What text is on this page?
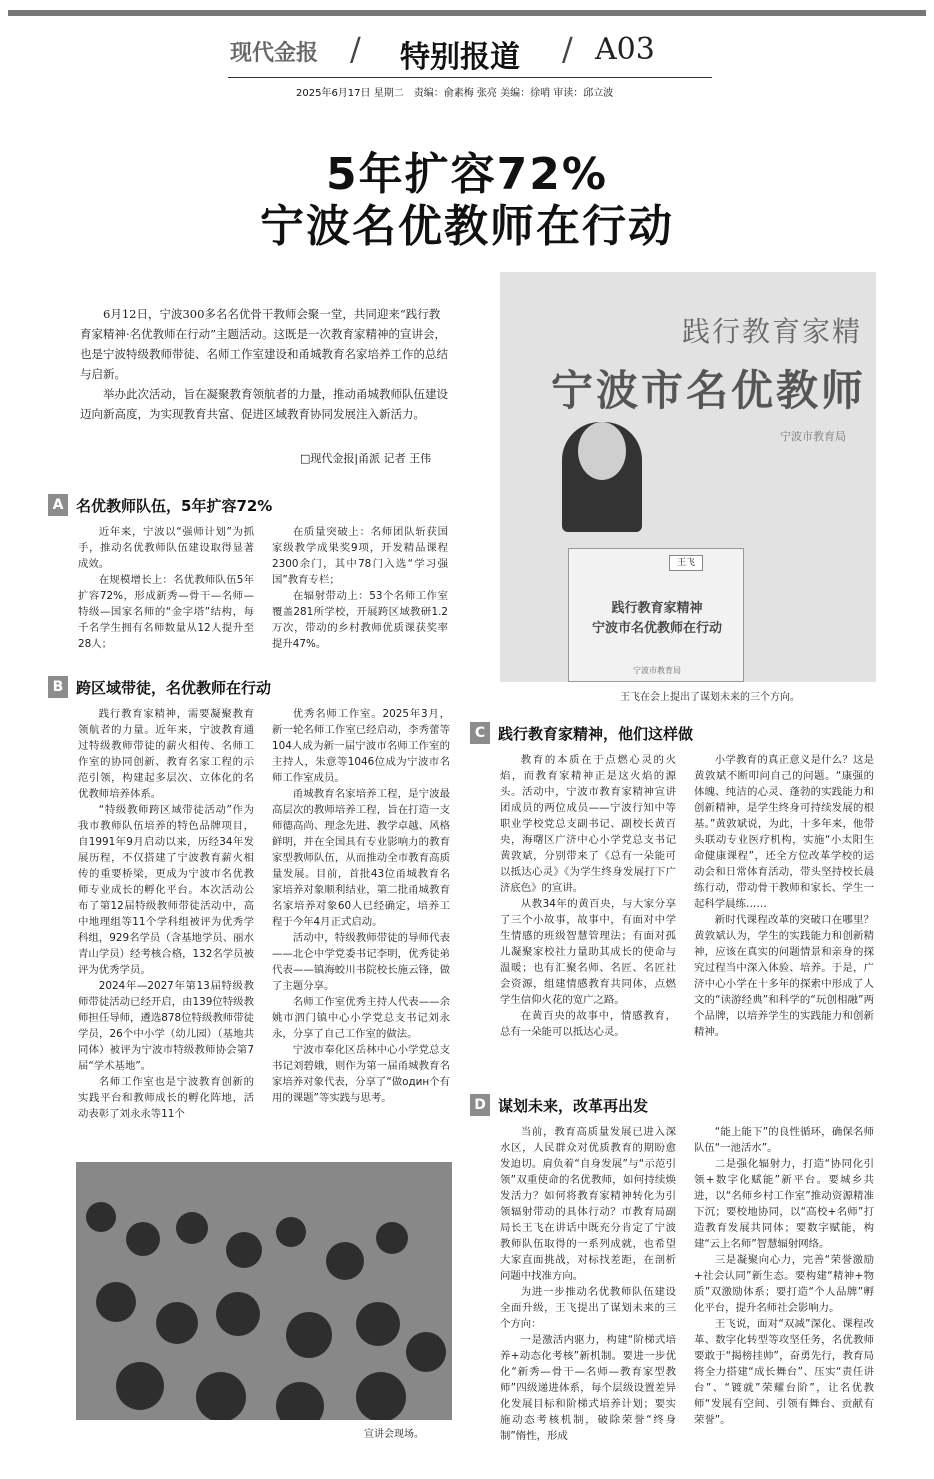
现代金报 / 特别报道 / A03
2025年6月17日 星期二　责编：俞素梅 张亮 美编：徐哨 审读：邱立波
5年扩容72%
宁波名优教师在行动

6月12日，宁波300多名名优骨干教师会聚一堂，共同迎来“践行教育家精神·名优教师在行动”主题活动。这既是一次教育家精神的宣讲会，也是宁波特级教师带徒、名师工作室建设和甬城教育名家培养工作的总结与启新。

举办此次活动，旨在凝聚教育领航者的力量，推动甬城教师队伍建设迈向新高度，为实现教育共富、促进区域教育协同发展注入新活力。

□现代金报|甬派 记者 王伟
践行教育家精
宁波市名优教师
宁波市教育局
王飞
践行教育家精神
宁波市名优教师在行动
宁波市教育局
王飞在会上提出了谋划未来的三个方向。
A 名优教师队伍，5年扩容72%

近年来，宁波以“强师计划”为抓手，推动名优教师队伍建设取得显著成效。

在规模增长上：名优教师队伍5年扩容72%，形成新秀—骨干—名师—特级—国家名师的“金字塔”结构，每千名学生拥有名师数量从12人提升至28人；

在质量突破上：名师团队斩获国家级教学成果奖9项，开发精品课程2300余门，其中78门入选“学习强国”教育专栏；

在辐射带动上：53个名师工作室覆盖281所学校，开展跨区域教研1.2万次，带动的乡村教师优质课获奖率提升47%。

B 跨区域带徒，名优教师在行动

践行教育家精神，需要凝聚教育领航者的力量。近年来，宁波教育通过特级教师带徒的薪火相传、名师工作室的协同创新、教育名家工程的示范引领，构建起多层次、立体化的名优教师培养体系。

“特级教师跨区域带徒活动”作为我市教师队伍培养的特色品牌项目，自1991年9月启动以来，历经34年发展历程，不仅搭建了宁波教育薪火相传的重要桥梁，更成为宁波市名优教师专业成长的孵化平台。本次活动公布了第12届特级教师带徒活动中，高中地理组等11个学科组被评为优秀学科组，929名学员（含基地学员、丽水青山学员）经考核合格，132名学员被评为优秀学员。

2024年—2027年第13届特级教师带徒活动已经开启，由139位特级教师担任导师，遴选878位特级教师带徒学员，26个中小学（幼儿园）（基地共同体）被评为宁波市特级教师协会第7届“学术基地”。

名师工作室也是宁波教育创新的实践平台和教师成长的孵化阵地，活动表彰了刘永永等11个

优秀名师工作室。2025年3月，新一轮名师工作室已经启动，李秀蕾等104人成为新一届宁波市名师工作室的主持人，朱意等1046位成为宁波市名师工作室成员。

甬城教育名家培养工程，是宁波最高层次的教师培养工程，旨在打造一支师德高尚、理念先进、教学卓越、风格鲜明，并在全国具有专业影响力的教育家型教师队伍，从而推动全市教育高质量发展。目前，首批43位甬城教育名家培养对象顺利结业，第二批甬城教育名家培养对象60人已经确定，培养工程于今年4月正式启动。

活动中，特级教师带徒的导师代表——北仑中学党委书记李明，优秀徒弟代表——镇海蛟川书院校长施云锋，做了主题分享。

名师工作室优秀主持人代表——余姚市泗门镇中心小学党总支书记刘永永，分享了自己工作室的做法。

宁波市奉化区岳林中心小学党总支书记刘碧娥，则作为第一届甬城教育名家培养对象代表，分享了“做один个有用的课题”等实践与思考。

宣讲会现场。
C 践行教育家精神，他们这样做

教育的本质在于点燃心灵的火焰，而教育家精神正是这火焰的源头。活动中，宁波市教育家精神宣讲团成员的两位成员——宁波行知中等职业学校党总支副书记、副校长黄百央，海曙区广济中心小学党总支书记黄敦斌，分别带来了《总有一朵能可以抵达心灵》《为学生终身发展打下广济底色》的宣讲。

从教34年的黄百央，与大家分享了三个小故事，故事中，有面对中学生情感的班级智慧管理法；有面对孤儿凝聚家校社力量助其成长的使命与温暖；也有汇聚名师、名匠、名匠社会资源，组建情感教育共同体，点燃学生信仰火花的宽广之路。

在黄百央的故事中，情感教育，总有一朵能可以抵达心灵。

小学教育的真正意义是什么？这是黄敦斌不断叩问自己的问题。“康强的体魄、纯洁的心灵、蓬勃的实践能力和创新精神，是学生终身可持续发展的根基。”黄敦斌说，为此，十多年来，他带头联动专业医疗机构，实施“小太阳生命健康课程”，还全方位改革学校的运动会和日常体育活动，带头坚持校长晨练行动，带动骨干教师和家长、学生一起科学晨练……

新时代课程改革的突破口在哪里？黄敦斌认为，学生的实践能力和创新精神，应该在真实的问题情景和亲身的探究过程当中深入体验、培养。于是，广济中心小学在十多年的探索中形成了人文的“读游经典”和科学的“玩创相融”两个品牌，以培养学生的实践能力和创新精神。

D 谋划未来，改革再出发

当前，教育高质量发展已进入深水区，人民群众对优质教育的期盼愈发迫切。肩负着“自身发展”与“示范引领”双重使命的名优教师，如何持续焕发活力？如何将教育家精神转化为引领辐射带动的具体行动？市教育局副局长王飞在讲话中既充分肯定了宁波教师队伍取得的一系列成就，也希望大家直面挑战，对标找差距，在剖析问题中找准方向。

为进一步推动名优教师队伍建设全面升级，王飞提出了谋划未来的三个方向：

一是激活内驱力，构建“阶梯式培养+动态化考核”新机制。要进一步优化“新秀—骨干—名师—教育家型教师”四级递进体系，每个层级设置差异化发展目标和阶梯式培养计划；要实施动态考核机制，破除荣誉“终身制”惰性，形成

“能上能下”的良性循环，确保名师队伍“一池活水”。

二是强化辐射力，打造“协同化引领+数字化赋能”新平台。要城乡共进，以“名师乡村工作室”推动资源精准下沉；要校地协同，以“高校+名师”打造教育发展共同体；要数字赋能，构建“云上名师”智慧辐射网络。

三是凝聚向心力，完善“荣誉激励+社会认同”新生态。要构建“精神+物质”双激励体系；要打造“个人品牌”孵化平台，提升名师社会影响力。

王飞说，面对“双减”深化、课程改革、数字化转型等攻坚任务，名优教师要敢于“揭榜挂帅”，奋勇先行，教育局将全力搭建“成长舞台”、压实“责任讲台”、“镀就”荣耀台阶”，让名优教师“发展有空间、引领有舞台、贡献有荣誉”。
